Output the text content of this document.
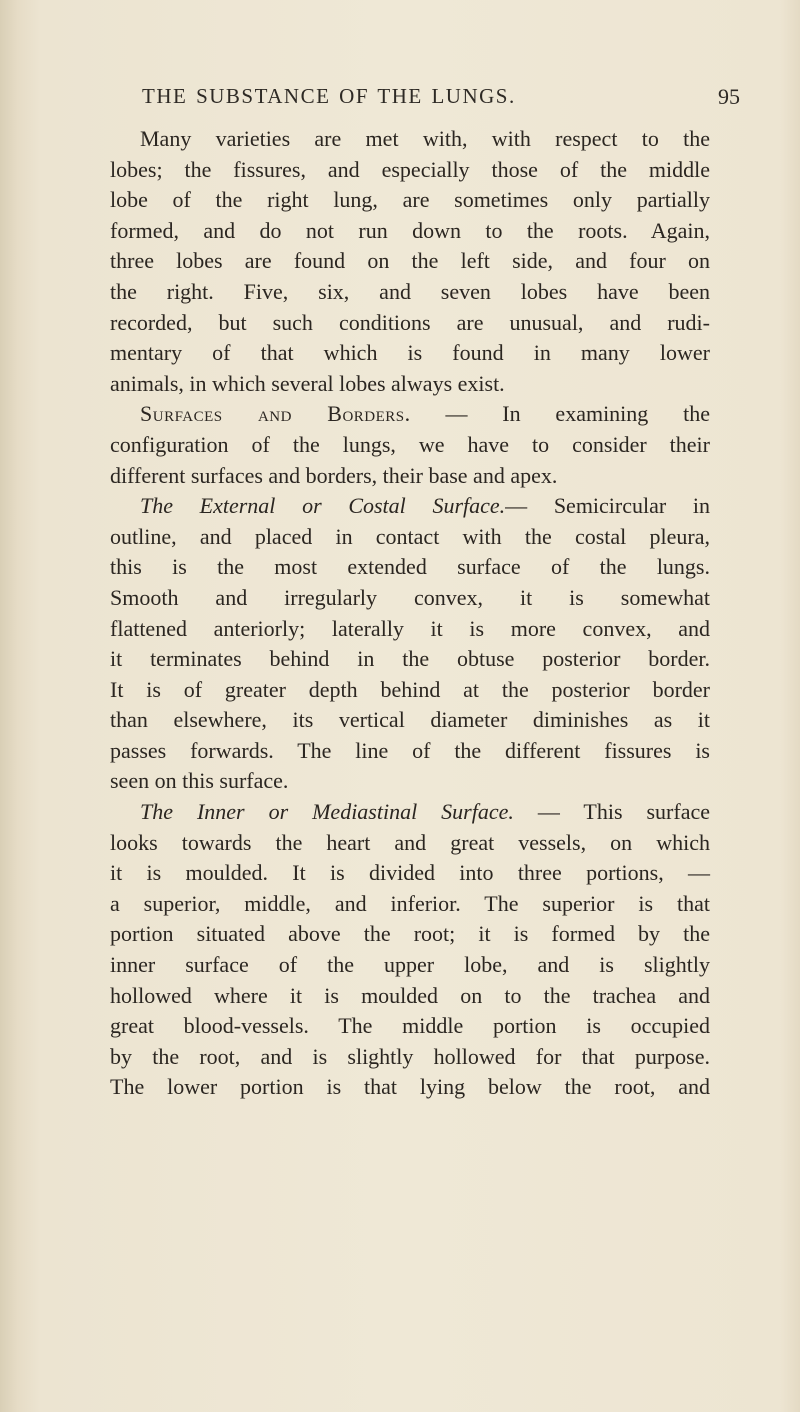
THE SUBSTANCE OF THE LUNGS.	95
Many varieties are met with, with respect to the
lobes; the fissures, and especially those of the middle
lobe of the right lung, are sometimes only partially
formed, and do not run down to the roots. Again,
three lobes are found on the left side, and four on
the right. Five, six, and seven lobes have been
recorded, but such conditions are unusual, and rudi-
mentary of that which is found in many lower
animals, in which several lobes always exist.
Surfaces and Borders. — In examining the
configuration of the lungs, we have to consider their
different surfaces and borders, their base and apex.
The External or Costal Surface.— Semicircular in
outline, and placed in contact with the costal pleura,
this is the most extended surface of the lungs.
Smooth and irregularly convex, it is somewhat
flattened anteriorly; laterally it is more convex, and
it terminates behind in the obtuse posterior border.
It is of greater depth behind at the posterior border
than elsewhere, its vertical diameter diminishes as it
passes forwards. The line of the different fissures is
seen on this surface.
The Inner or Mediastinal Surface. — This surface
looks towards the heart and great vessels, on which
it is moulded. It is divided into three portions, —
a superior, middle, and inferior. The superior is that
portion situated above the root; it is formed by the
inner surface of the upper lobe, and is slightly
hollowed where it is moulded on to the trachea and
great blood-vessels. The middle portion is occupied
by the root, and is slightly hollowed for that purpose.
The lower portion is that lying below the root, and
